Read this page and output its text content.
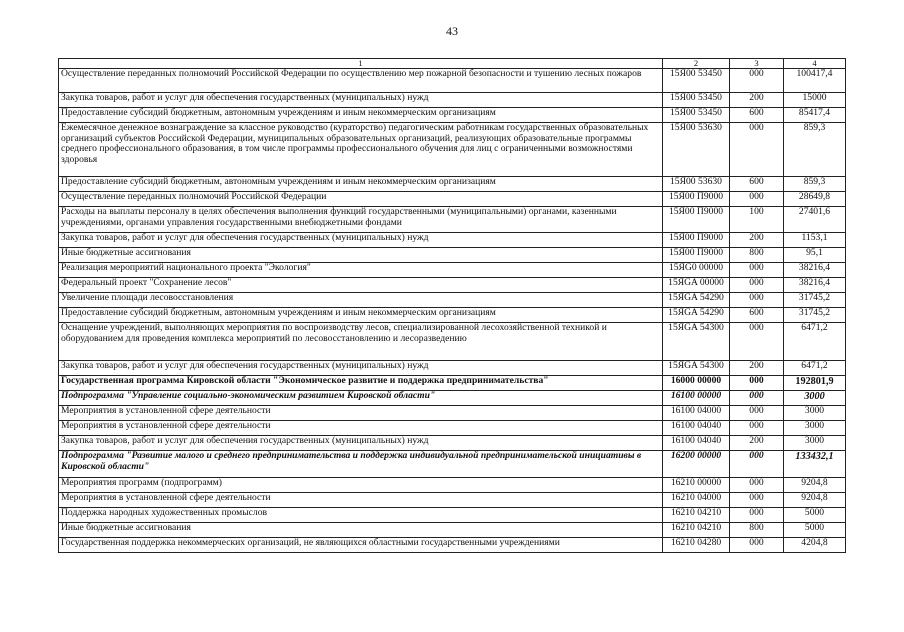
43
1	2	3	4
Осуществление переданных полномочий Российской Федерации по осуществлению мер пожарной безопасности и тушению лесных пожаров	15Я00 53450	000	100417,4
Закупка товаров, работ и услуг для обеспечения государственных (муниципальных) нужд	15Я00 53450	200	15000
Предоставление субсидий бюджетным, автономным учреждениям и иным некоммерческим организациям	15Я00 53450	600	85417,4
Ежемесячное денежное вознаграждение за классное руководство (кураторство) педагогическим работникам государственных образовательных организаций субъектов Российской Федерации, муниципальных образовательных организаций, реализующих образовательные программы среднего профессионального образования, в том числе программы профессионального обучения для лиц с ограниченными возможностями здоровья	15Я00 53630	000	859,3
Предоставление субсидий бюджетным, автономным учреждениям и иным некоммерческим организациям	15Я00 53630	600	859,3
Осуществление переданных полномочий Российской Федерации	15Я00 П9000	000	28649,8
Расходы на выплаты персоналу в целях обеспечения выполнения функций государственными (муниципальными) органами, казенными учреждениями, органами управления государственными внебюджетными фондами	15Я00 П9000	100	27401,6
Закупка товаров, работ и услуг для обеспечения государственных (муниципальных) нужд	15Я00 П9000	200	1153,1
Иные бюджетные ассигнования	15Я00 П9000	800	95,1
Реализация мероприятий национального проекта "Экология"	15ЯG0 00000	000	38216,4
Федеральный проект "Сохранение лесов"	15ЯGA 00000	000	38216,4
Увеличение площади лесовосстановления	15ЯGA 54290	000	31745,2
Предоставление субсидий бюджетным, автономным учреждениям и иным некоммерческим организациям	15ЯGA 54290	600	31745,2
Оснащение учреждений, выполняющих мероприятия по воспроизводству лесов, специализированной лесохозяйственной техникой и оборудованием для проведения комплекса мероприятий по лесовосстановлению и лесоразведению	15ЯGA 54300	000	6471,2
Закупка товаров, работ и услуг для обеспечения государственных (муниципальных) нужд	15ЯGA 54300	200	6471,2
Государственная программа Кировской области "Экономическое развитие и поддержка предпринимательства"	16000 00000	000	192801,9
Подпрограмма "Управление социально-экономическим развитием Кировской области"	16100 00000	000	3000
Мероприятия в установленной сфере деятельности	16100 04000	000	3000
Мероприятия в установленной сфере деятельности	16100 04040	000	3000
Закупка товаров, работ и услуг для обеспечения государственных (муниципальных) нужд	16100 04040	200	3000
Подпрограмма "Развитие малого и среднего предпринимательства и поддержка индивидуальной предпринимательской инициативы в Кировской области"	16200 00000	000	133432,1
Мероприятия программ (подпрограмм)	16210 00000	000	9204,8
Мероприятия в установленной сфере деятельности	16210 04000	000	9204,8
Поддержка народных художественных промыслов	16210 04210	000	5000
Иные бюджетные ассигнования	16210 04210	800	5000
Государственная поддержка некоммерческих организаций, не являющихся областными государственными учреждениями	16210 04280	000	4204,8
